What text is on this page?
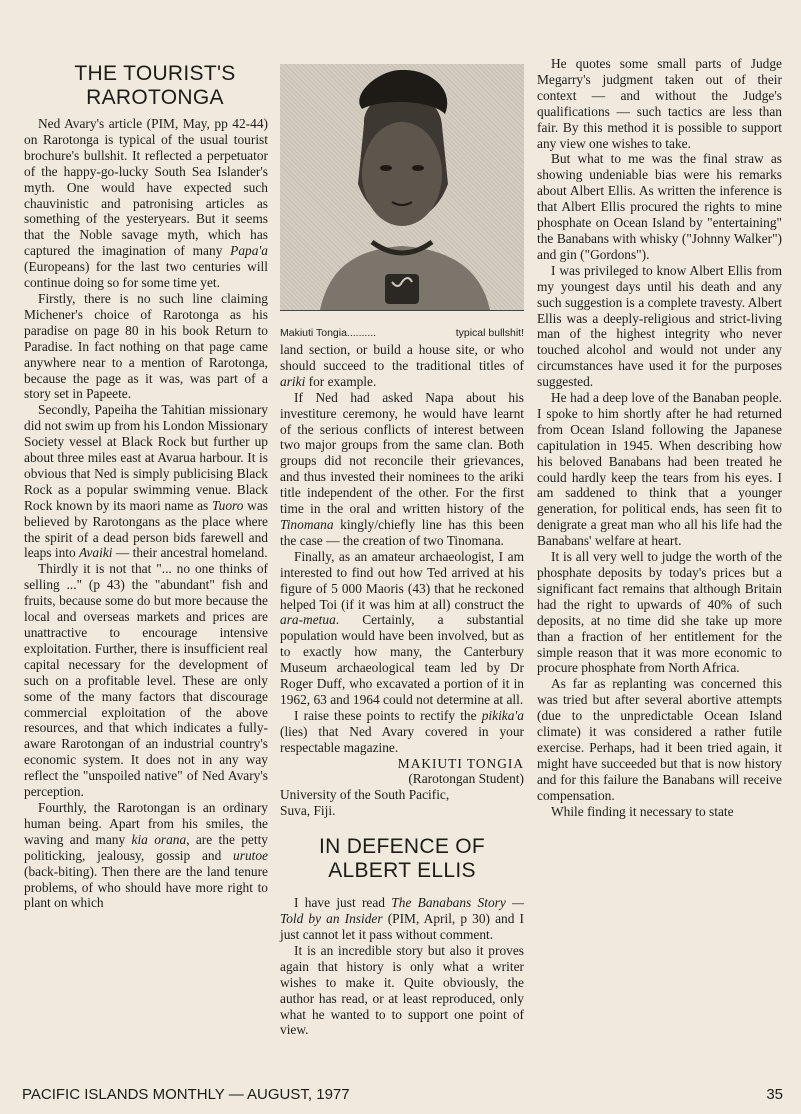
THE TOURIST'S
RAROTONGA

Ned Avary's article (PIM, May, pp 42-44) on Rarotonga is typical of the usual tourist brochure's bullshit. It reflected a perpetuator of the happy-go-lucky South Sea Islander's myth. One would have expected such chauvinistic and patronising articles as something of the yesteryears. But it seems that the Noble savage myth, which has captured the imagination of many Papa'a (Europeans) for the last two centuries will continue doing so for some time yet.

Firstly, there is no such line claiming Michener's choice of Rarotonga as his paradise on page 80 in his book Return to Paradise. In fact nothing on that page came anywhere near to a mention of Rarotonga, because the page as it was, was part of a story set in Papeete.

Secondly, Papeiha the Tahitian missionary did not swim up from his London Missionary Society vessel at Black Rock but further up about three miles east at Avarua harbour. It is obvious that Ned is simply publicising Black Rock as a popular swimming venue. Black Rock known by its maori name as Tuoro was believed by Rarotongans as the place where the spirit of a dead person bids farewell and leaps into Avaiki — their ancestral homeland.

Thirdly it is not that "... no one thinks of selling ..." (p 43) the "abundant" fish and fruits, because some do but more because the local and overseas markets and prices are unattractive to encourage intensive exploitation. Further, there is insufficient real capital necessary for the development of such on a profitable level. These are only some of the many factors that discourage commercial exploitation of the above resources, and that which indicates a fully-aware Rarotongan of an industrial country's economic system. It does not in any way reflect the "unspoiled native" of Ned Avary's perception.

Fourthly, the Rarotongan is an ordinary human being. Apart from his smiles, the waving and many kia orana, are the petty politicking, jealousy, gossip and urutoe (back-biting). Then there are the land tenure problems, of who should have more right to plant on which

Makiuti Tongia..........	typical bullshit!

land section, or build a house site, or who should succeed to the traditional titles of ariki for example.

If Ned had asked Napa about his investiture ceremony, he would have learnt of the serious conflicts of interest between two major groups from the same clan. Both groups did not reconcile their grievances, and thus invested their nominees to the ariki title independent of the other. For the first time in the oral and written history of the Tinomana kingly/chiefly line has this been the case — the creation of two Tinomana.

Finally, as an amateur archaeologist, I am interested to find out how Ted arrived at his figure of 5 000 Maoris (43) that he reckoned helped Toi (if it was him at all) construct the ara-metua. Certainly, a substantial population would have been involved, but as to exactly how many, the Canterbury Museum archaeological team led by Dr Roger Duff, who excavated a portion of it in 1962, 63 and 1964 could not determine at all.

I raise these points to rectify the pikika'a (lies) that Ned Avary covered in your respectable magazine.

MAKIUTI TONGIA

(Rarotongan Student)

University of the South Pacific,

Suva, Fiji.

IN DEFENCE OF
ALBERT ELLIS

I have just read The Banabans Story — Told by an Insider (PIM, April, p 30) and I just cannot let it pass without comment.

It is an incredible story but also it proves again that history is only what a writer wishes to make it. Quite obviously, the author has read, or at least reproduced, only what he wanted to to support one point of view.

He quotes some small parts of Judge Megarry's judgment taken out of their context — and without the Judge's qualifications — such tactics are less than fair. By this method it is possible to support any view one wishes to take.

But what to me was the final straw as showing undeniable bias were his remarks about Albert Ellis. As written the inference is that Albert Ellis procured the rights to mine phosphate on Ocean Island by "entertaining" the Banabans with whisky ("Johnny Walker") and gin ("Gordons").

I was privileged to know Albert Ellis from my youngest days until his death and any such suggestion is a complete travesty. Albert Ellis was a deeply-religious and strict-living man of the highest integrity who never touched alcohol and would not under any circumstances have used it for the purposes suggested.

He had a deep love of the Banaban people. I spoke to him shortly after he had returned from Ocean Island following the Japanese capitulation in 1945. When describing how his beloved Banabans had been treated he could hardly keep the tears from his eyes. I am saddened to think that a younger generation, for political ends, has seen fit to denigrate a great man who all his life had the Banabans' welfare at heart.

It is all very well to judge the worth of the phosphate deposits by today's prices but a significant fact remains that although Britain had the right to upwards of 40% of such deposits, at no time did she take up more than a fraction of her entitlement for the simple reason that it was more economic to procure phosphate from North Africa.

As far as replanting was concerned this was tried but after several abortive attempts (due to the unpredictable Ocean Island climate) it was considered a rather futile exercise. Perhaps, had it been tried again, it might have succeeded but that is now history and for this failure the Banabans will receive compensation.

While finding it necessary to state

PACIFIC ISLANDS MONTHLY — AUGUST, 1977	35
